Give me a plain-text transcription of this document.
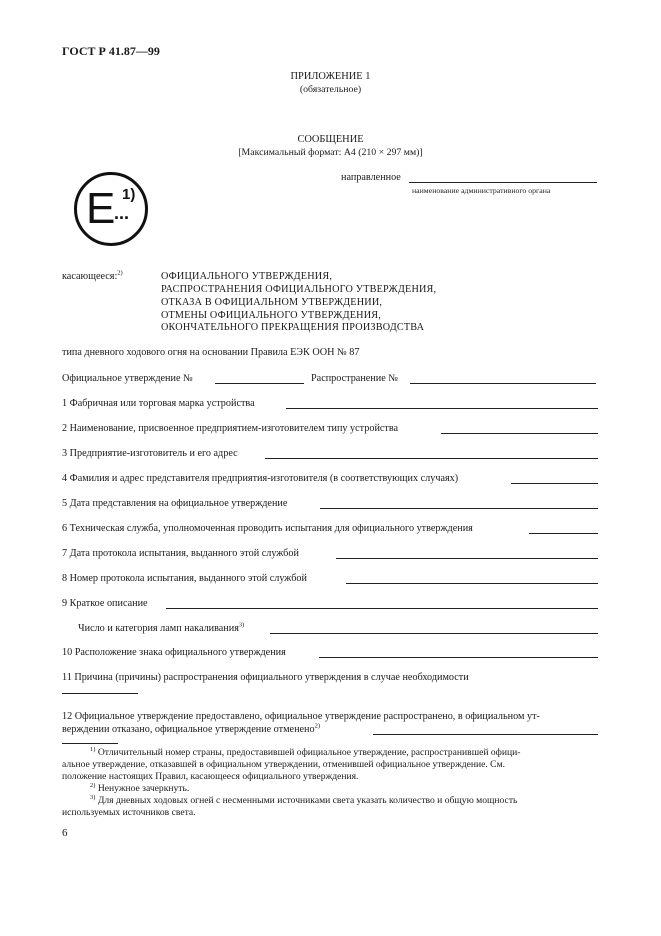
ГОСТ Р 41.87—99
ПРИЛОЖЕНИЕ 1
(обязательное)
СООБЩЕНИЕ
[Максимальный формат: А4 (210 × 297 мм)]
E
...
1)
направленное
наименование административного органа
касающееся:$^{2)}$	ОФИЦИАЛЬНОГО УТВЕРЖДЕНИЯ,
РАСПРОСТРАНЕНИЯ ОФИЦИАЛЬНОГО УТВЕРЖДЕНИЯ,
ОТКАЗА В ОФИЦИАЛЬНОМ УТВЕРЖДЕНИИ,
ОТМЕНЫ ОФИЦИАЛЬНОГО УТВЕРЖДЕНИЯ,
ОКОНЧАТЕЛЬНОГО ПРЕКРАЩЕНИЯ ПРОИЗВОДСТВА
типа дневного ходового огня на основании Правила ЕЭК ООН № 87
Официальное утверждение №	Распространение №
1 Фабричная или торговая марка устройства
2 Наименование, присвоенное предприятием-изготовителем типу устройства
3 Предприятие-изготовитель и его адрес
4 Фамилия и адрес представителя предприятия-изготовителя (в соответствующих случаях)
5 Дата представления на официальное утверждение
6 Техническая служба, уполномоченная проводить испытания для официального утверждения
7 Дата протокола испытания, выданного этой службой
8 Номер протокола испытания, выданного этой службой
9 Краткое описание
Число и категория ламп накаливания$^{3)}$
10 Расположение знака официального утверждения
11 Причина (причины) распространения официального утверждения в случае необходимости
12 Официальное утверждение предоставлено, официальное утверждение распространено, в официальном ут-
верждении отказано, официальное утверждение отменено$^{2)}$
$^{1)}$ Отличительный номер страны, предоставившей официальное утверждение, распространившей офици-
альное утверждение, отказавшей в официальном утверждении, отменившей официальное утверждение. См.
положение настоящих Правил, касающееся официального утверждения.
$^{2)}$ Ненужное зачеркнуть.
$^{3)}$ Для дневных ходовых огней с несменными источниками света указать количество и общую мощность
используемых источников света.
6
